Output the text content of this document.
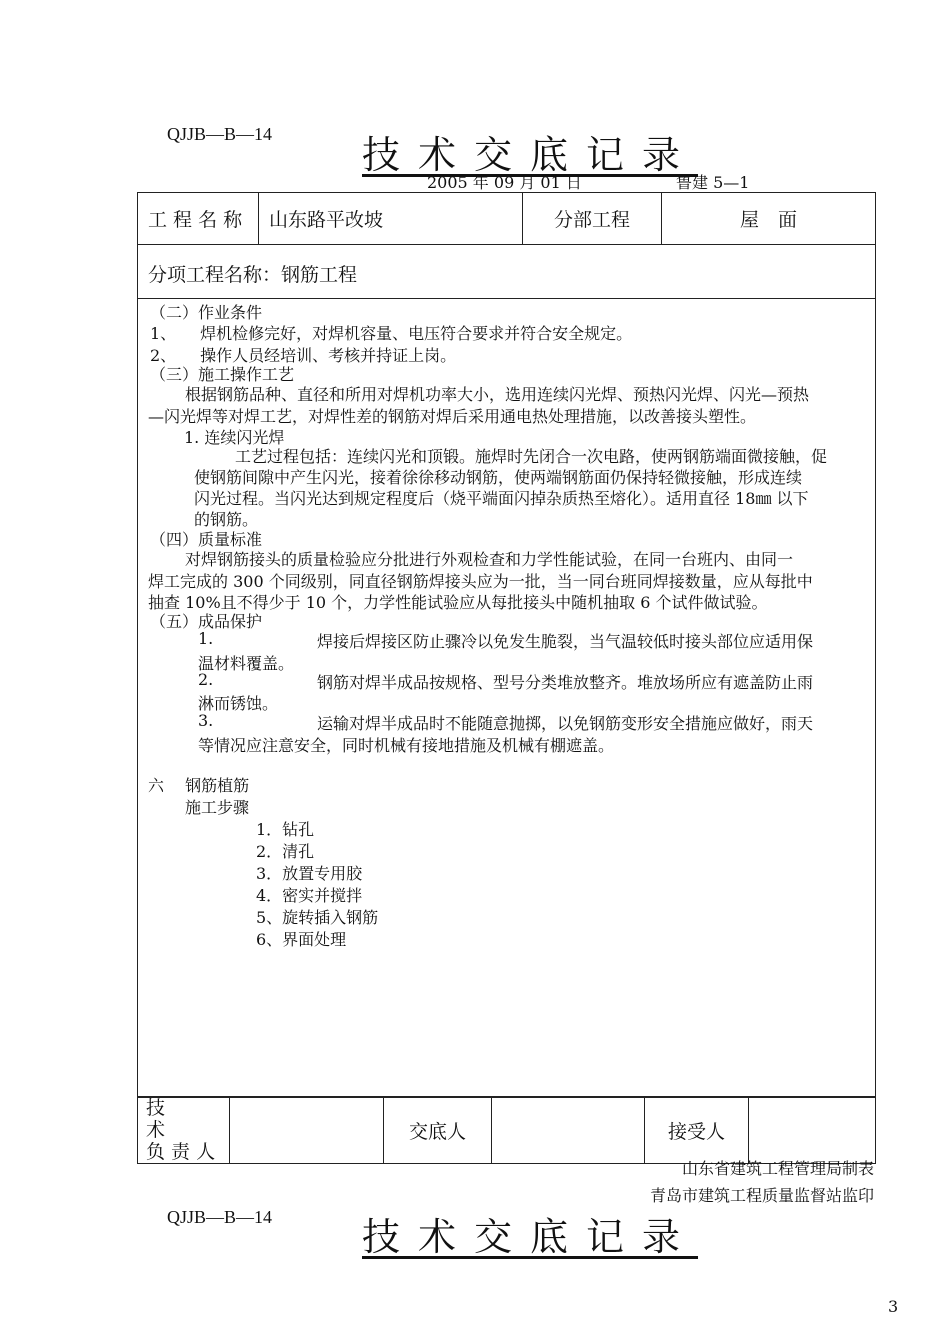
QJJB—B—14 技术交底记录
2005 年 09 月 01 日	鲁建 5—1
工 程 名 称	山东路平改坡	分部工程	屋　面
分项工程名称：钢筋工程
（二）作业条件
1、　　焊机检修完好，对焊机容量、电压符合要求并符合安全规定。
2、　　操作人员经培训、考核并持证上岗。
（三）施工操作工艺
根据钢筋品种、直径和所用对焊机功率大小，选用连续闪光焊、预热闪光焊、闪光—预热
—闪光焊等对焊工艺，对焊性差的钢筋对焊后采用通电热处理措施，以改善接头塑性。
1. 连续闪光焊
工艺过程包括：连续闪光和顶锻。施焊时先闭合一次电路，使两钢筋端面微接触，促
使钢筋间隙中产生闪光，接着徐徐移动钢筋，使两端钢筋面仍保持轻微接触，形成连续
闪光过程。当闪光达到规定程度后（烧平端面闪掉杂质热至熔化）。适用直径 18㎜ 以下
的钢筋。
（四）质量标准
对焊钢筋接头的质量检验应分批进行外观检查和力学性能试验，在同一台班内、由同一
焊工完成的 300 个同级别，同直径钢筋焊接头应为一批，当一同台班同焊接数量，应从每批中
抽查 10%且不得少于 10 个，力学性能试验应从每批接头中随机抽取 6 个试件做试验。
（五）成品保护
1.	焊接后焊接区防止骤冷以免发生脆裂，当气温较低时接头部位应适用保
温材料覆盖。
2.	钢筋对焊半成品按规格、型号分类堆放整齐。堆放场所应有遮盖防止雨
淋而锈蚀。
3.	运输对焊半成品时不能随意抛掷，以免钢筋变形安全措施应做好，雨天
等情况应注意安全，同时机械有接地措施及机械有棚遮盖。
六　 钢筋植筋
施工步骤
1．钻孔
2．清孔
3．放置专用胶
4．密实并搅拌
5、旋转插入钢筋
6、界面处理
技　　术
负 责 人
		交底人		接受人	
山东省建筑工程管理局制表
青岛市建筑工程质量监督站监印
QJJB—B—14 技术交底记录
3
